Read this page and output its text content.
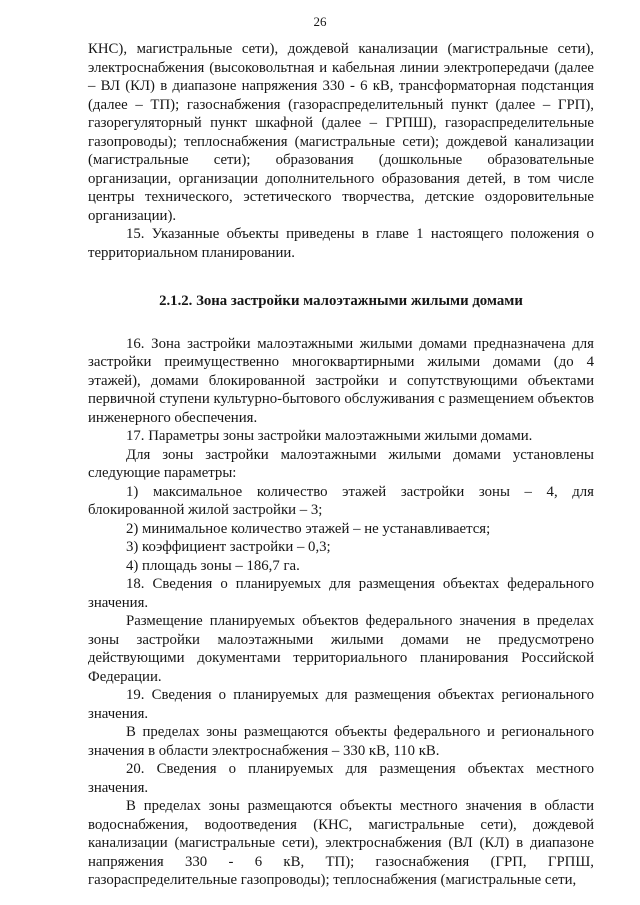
26

КНС), магистральные сети), дождевой канализации (магистральные сети), электроснабжения (высоковольтная и кабельная линии электропередачи (далее – ВЛ (КЛ) в диапазоне напряжения 330 - 6 кВ, трансформаторная подстанция (далее – ТП); газоснабжения (газораспределительный пункт (далее – ГРП), газорегуляторный пункт шкафной (далее – ГРПШ), газораспределительные газопроводы); теплоснабжения (магистральные сети); дождевой канализации (магистральные сети); образования (дошкольные образовательные организации, организации дополнительного образования детей, в том числе центры технического, эстетического творчества, детские оздоровительные организации).

15. Указанные объекты приведены в главе 1 настоящего положения о территориальном планировании.

2.1.2. Зона застройки малоэтажными жилыми домами

16. Зона застройки малоэтажными жилыми домами предназначена для застройки преимущественно многоквартирными жилыми домами (до 4 этажей), домами блокированной застройки и сопутствующими объектами первичной ступени культурно-бытового обслуживания с размещением объектов инженерного обеспечения.

17. Параметры зоны застройки малоэтажными жилыми домами.

Для зоны застройки малоэтажными жилыми домами установлены следующие параметры:

1) максимальное количество этажей застройки зоны – 4, для блокированной жилой застройки – 3;

2) минимальное количество этажей – не устанавливается;

3) коэффициент застройки – 0,3;

4) площадь зоны – 186,7 га.

18. Сведения о планируемых для размещения объектах федерального значения.

Размещение планируемых объектов федерального значения в пределах зоны застройки малоэтажными жилыми домами не предусмотрено действующими документами территориального планирования Российской Федерации.

19. Сведения о планируемых для размещения объектах регионального значения.

В пределах зоны размещаются объекты федерального и регионального значения в области электроснабжения – 330 кВ, 110 кВ.

20. Сведения о планируемых для размещения объектах местного значения.

В пределах зоны размещаются объекты местного значения в области водоснабжения, водоотведения (КНС, магистральные сети), дождевой канализации (магистральные сети), электроснабжения (ВЛ (КЛ) в диапазоне напряжения 330 - 6 кВ, ТП); газоснабжения (ГРП, ГРПШ, газораспределительные газопроводы); теплоснабжения (магистральные сети,
